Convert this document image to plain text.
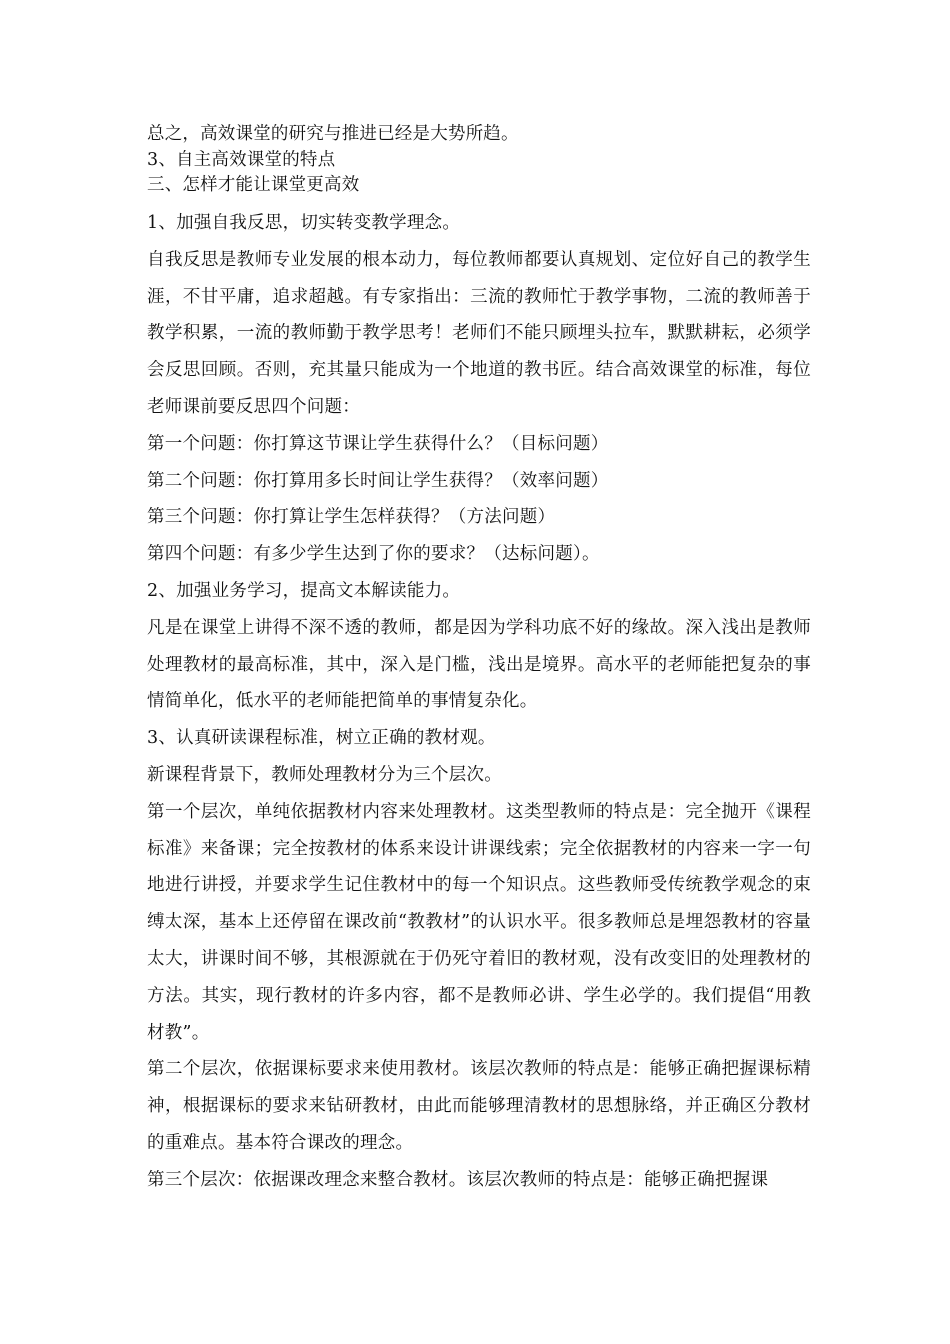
总之，高效课堂的研究与推进已经是大势所趋。
3、自主高效课堂的特点
三、怎样才能让课堂更高效

1、加强自我反思，切实转变教学理念。

自我反思是教师专业发展的根本动力，每位教师都要认真规划、定位好自己的教学生涯，不甘平庸，追求超越。有专家指出：三流的教师忙于教学事物，二流的教师善于教学积累，一流的教师勤于教学思考！老师们不能只顾埋头拉车，默默耕耘，必须学会反思回顾。否则，充其量只能成为一个地道的教书匠。结合高效课堂的标准，每位老师课前要反思四个问题：

第一个问题：你打算这节课让学生获得什么？（目标问题）

第二个问题：你打算用多长时间让学生获得？（效率问题）

第三个问题：你打算让学生怎样获得？（方法问题）

第四个问题：有多少学生达到了你的要求？（达标问题）。

2、加强业务学习，提高文本解读能力。

凡是在课堂上讲得不深不透的教师，都是因为学科功底不好的缘故。深入浅出是教师处理教材的最高标准，其中，深入是门槛，浅出是境界。高水平的老师能把复杂的事情简单化，低水平的老师能把简单的事情复杂化。

3、认真研读课程标准，树立正确的教材观。

新课程背景下，教师处理教材分为三个层次。

第一个层次，单纯依据教材内容来处理教材。这类型教师的特点是：完全抛开《课程标准》来备课；完全按教材的体系来设计讲课线索；完全依据教材的内容来一字一句地进行讲授，并要求学生记住教材中的每一个知识点。这些教师受传统教学观念的束缚太深，基本上还停留在课改前“教教材”的认识水平。很多教师总是埋怨教材的容量太大，讲课时间不够，其根源就在于仍死守着旧的教材观，没有改变旧的处理教材的方法。其实，现行教材的许多内容，都不是教师必讲、学生必学的。我们提倡“用教材教”。

第二个层次，依据课标要求来使用教材。该层次教师的特点是：能够正确把握课标精神，根据课标的要求来钻研教材，由此而能够理清教材的思想脉络，并正确区分教材的重难点。基本符合课改的理念。

第三个层次：依据课改理念来整合教材。该层次教师的特点是：能够正确把握课
